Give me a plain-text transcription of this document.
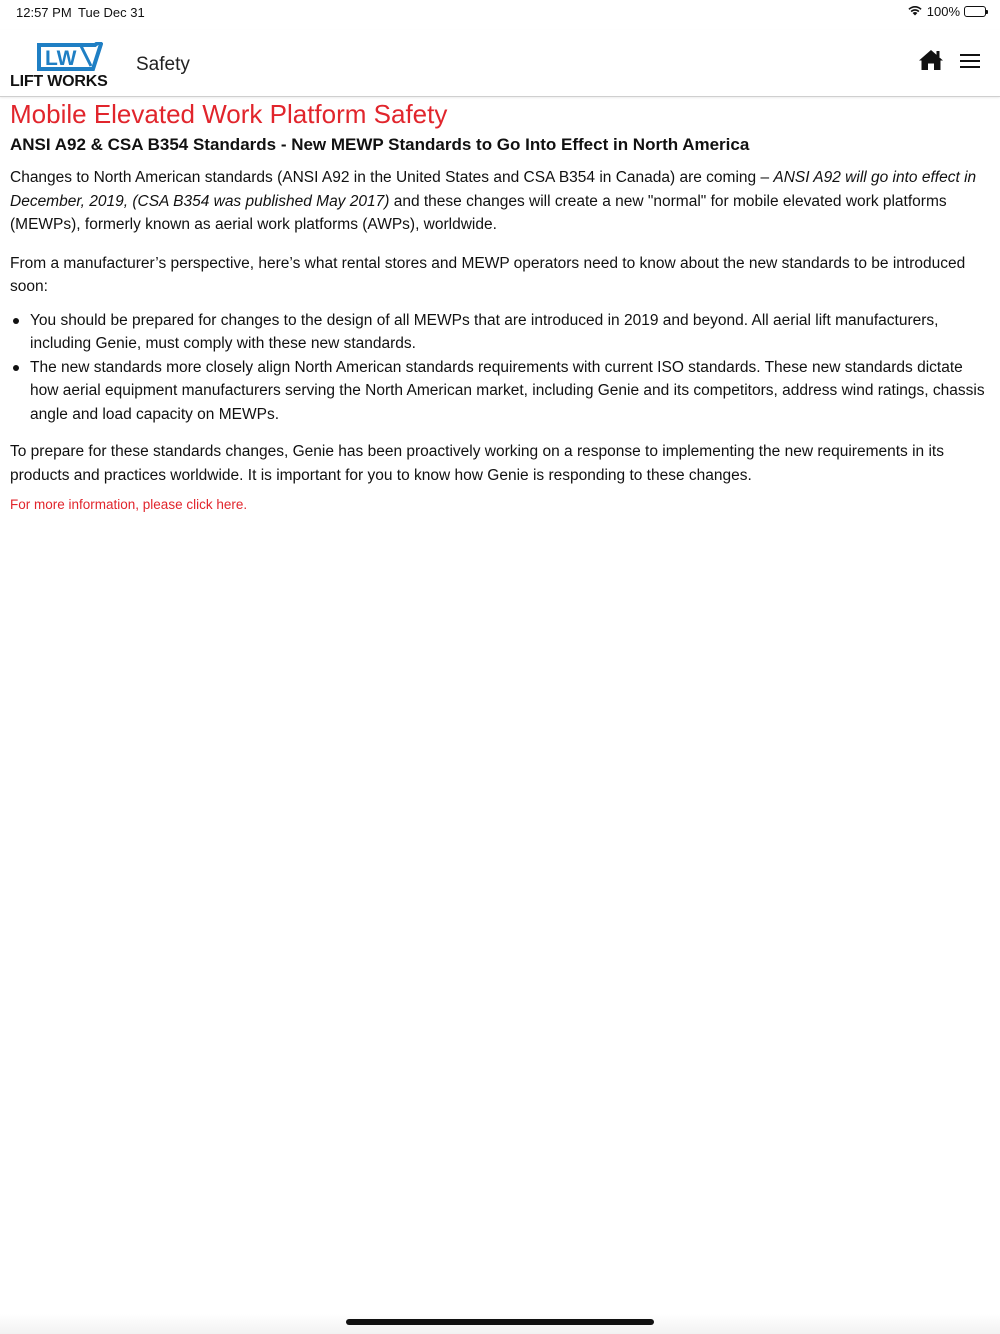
12:57 PM Tue Dec 31	100%
LW
LIFT WORKS
Safety
Mobile Elevated Work Platform Safety
ANSI A92 & CSA B354 Standards - New MEWP Standards to Go Into Effect in North America

Changes to North American standards (ANSI A92 in the United States and CSA B354 in Canada) are coming – ANSI A92 will go into effect in December, 2019, (CSA B354 was published May 2017) and these changes will create a new "normal" for mobile elevated work platforms (MEWPs), formerly known as aerial work platforms (AWPs), worldwide.

From a manufacturer’s perspective, here’s what rental stores and MEWP operators need to know about the new standards to be introduced soon:

You should be prepared for changes to the design of all MEWPs that are introduced in 2019 and beyond. All aerial lift manufacturers, including Genie, must comply with these new standards.
The new standards more closely align North American standards requirements with current ISO standards. These new standards dictate how aerial equipment manufacturers serving the North American market, including Genie and its competitors, address wind ratings, chassis angle and load capacity on MEWPs.

To prepare for these standards changes, Genie has been proactively working on a response to implementing the new requirements in its products and practices worldwide. It is important for you to know how Genie is responding to these changes.

For more information, please click here.
